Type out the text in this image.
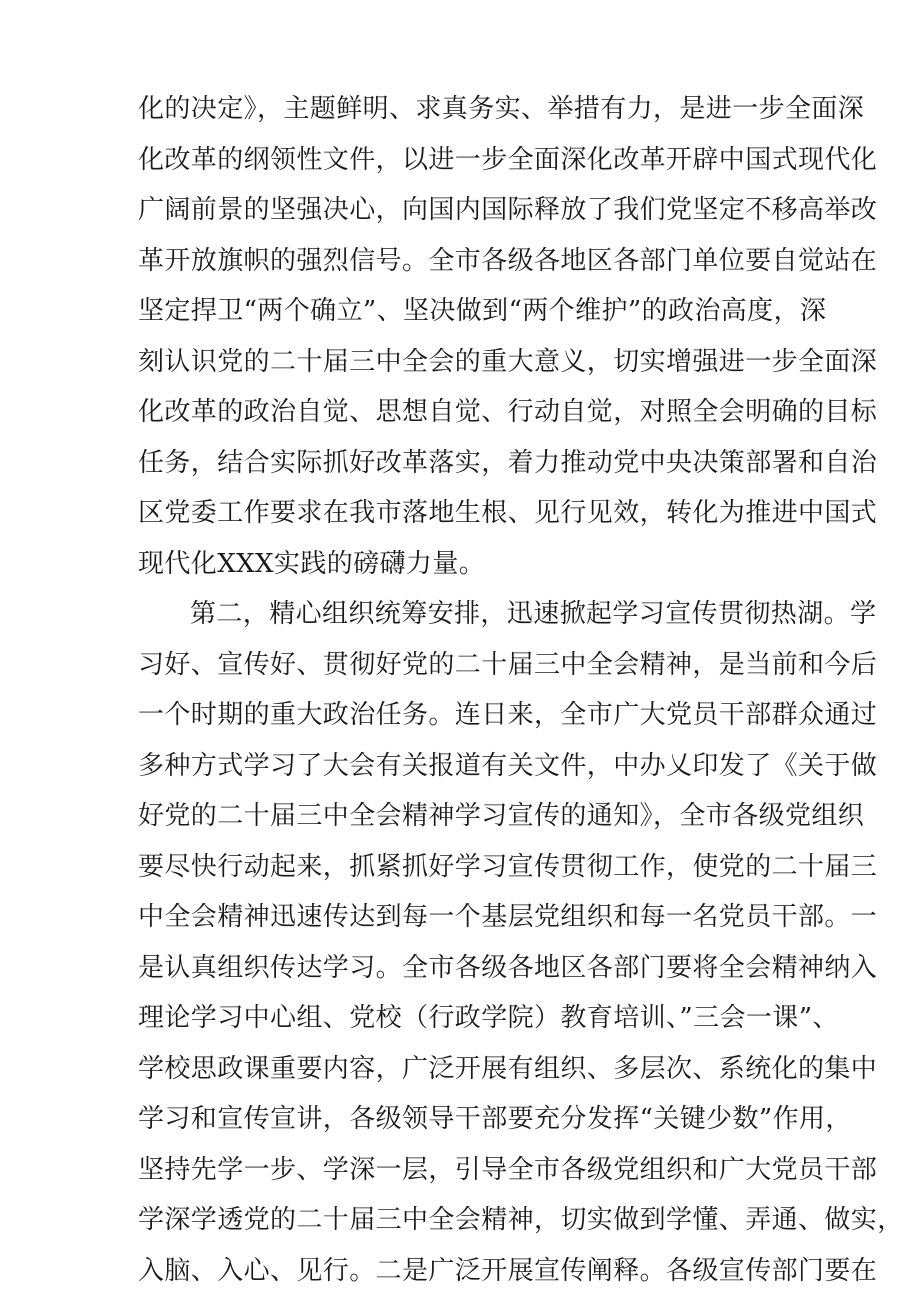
化的决定》，主题鲜明、求真务实、举措有力，是进一步全面深
化改革的纲领性文件，以进一步全面深化改革开辟中国式现代化
广阔前景的坚强决心，向国内国际释放了我们党坚定不移高举改
革开放旗帜的强烈信号。全市各级各地区各部门单位要自觉站在
坚定捍卫“两个确立”、坚决做到“两个维护”的政治高度，深
刻认识党的二十届三中全会的重大意义，切实增强进一步全面深
化改革的政治自觉、思想自觉、行动自觉，对照全会明确的目标
任务，结合实际抓好改革落实，着力推动党中央决策部署和自治
区党委工作要求在我市落地生根、见行见效，转化为推进中国式
现代化XXX实践的磅礴力量。
第二，精心组织统筹安排，迅速掀起学习宣传贯彻热湖。学
习好、宣传好、贯彻好党的二十届三中全会精神，是当前和今后
一个时期的重大政治任务。连日来，全市广大党员干部群众通过
多种方式学习了大会有关报道有关文件，中办乂印发了《关于做
好党的二十届三中全会精神学习宣传的通知》，全市各级党组织
要尽快行动起来，抓紧抓好学习宣传贯彻工作，使党的二十届三
中全会精神迅速传达到每一个基层党组织和每一名党员干部。一
是认真组织传达学习。全市各级各地区各部门要将全会精神纳入
理论学习中心组、党校（行政学院）教育培训、”三会一课”、
学校思政课重要内容，广泛开展有组织、多层次、系统化的集中
学习和宣传宣讲，各级领导干部要充分发挥“关键少数”作用，
坚持先学一步、学深一层，引导全市各级党组织和广大党员干部
学深学透党的二十届三中全会精神，切实做到学懂、弄通、做实，
入脑、入心、见行。二是广泛开展宣传阐释。各级宣传部门要在
